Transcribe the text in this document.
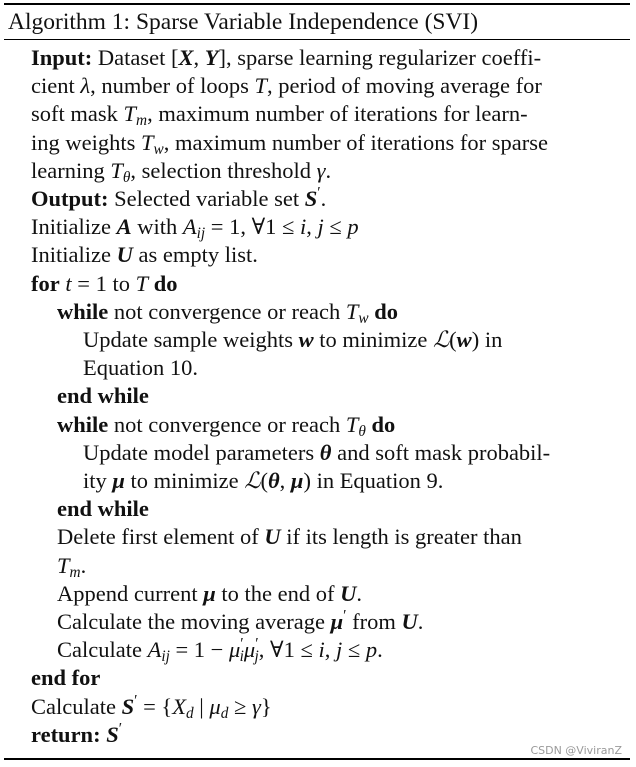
Algorithm 1: Sparse Variable Independence (SVI)
Input: Dataset [X, Y], sparse learning regularizer coeffi-
cient λ, number of loops T, period of moving average for
soft mask $T_m$, maximum number of iterations for learn-
ing weights $T_w$, maximum number of iterations for sparse
learning $T_\theta$, selection threshold γ.
Output: Selected variable set S′.
Initialize A with $A_{ij} = 1$, ∀1 ≤ i, j ≤ p
Initialize U as empty list.
for t = 1 to T do
while not convergence or reach $T_w$ do
Update sample weights w to minimize ℒ(w) in
Equation 10.
end while
while not convergence or reach $T_\theta$ do
Update model parameters θ and soft mask probabil-
ity μ to minimize ℒ(θ, μ) in Equation 9.
end while
Delete first element of U if its length is greater than
$T_m$.
Append current μ to the end of U.
Calculate the moving average μ′ from U.
Calculate $A_{ij} = 1 - \mu'_i\mu'_j$, ∀1 ≤ i, j ≤ p.
end for
Calculate $S' = \{X_d$ | $\mu_d \ge \gamma$}
return: S′
CSDN @ViviranZ
